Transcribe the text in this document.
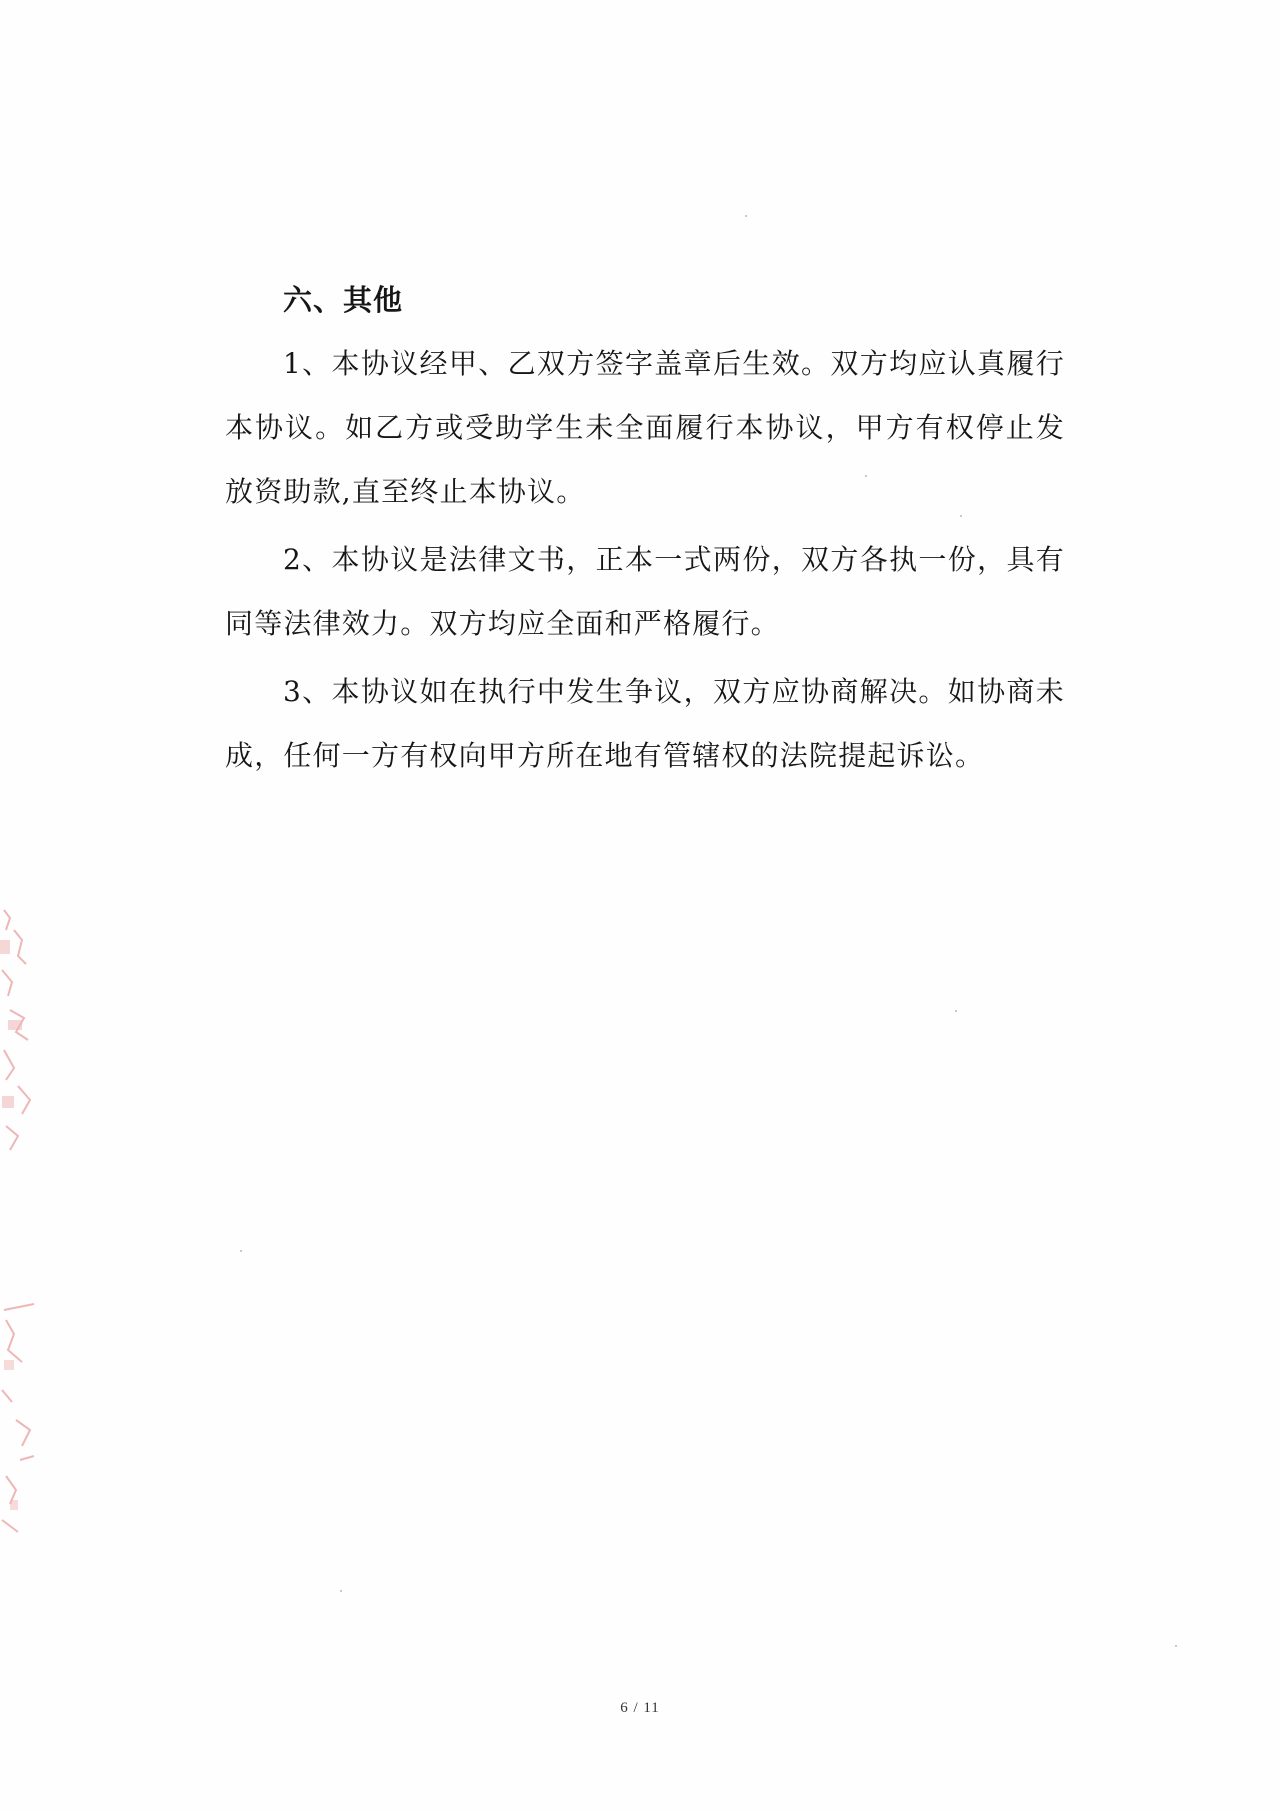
六、其他

1、本协议经甲、乙双方签字盖章后生效。双方均应认真履行本协议。如乙方或受助学生未全面履行本协议，甲方有权停止发放资助款,直至终止本协议。

2、本协议是法律文书，正本一式两份，双方各执一份，具有同等法律效力。双方均应全面和严格履行。

3、本协议如在执行中发生争议，双方应协商解决。如协商未成，任何一方有权向甲方所在地有管辖权的法院提起诉讼。

6 / 11
